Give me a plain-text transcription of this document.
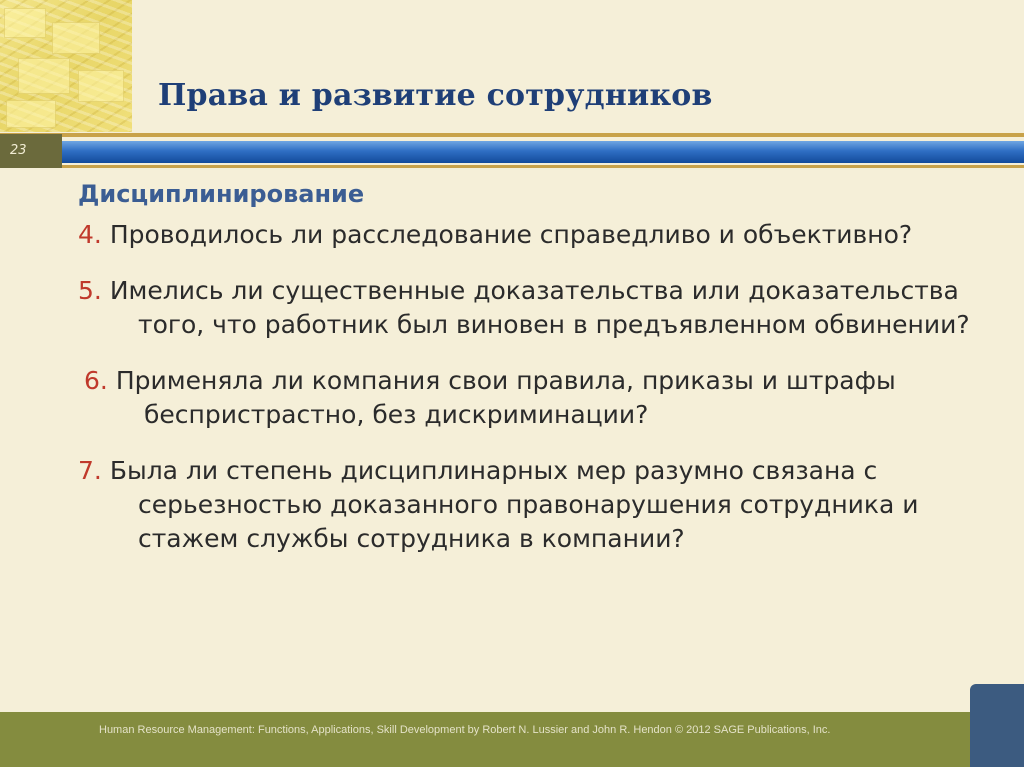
Права и развитие сотрудников
23
Дисциплинирование
4. Проводилось ли расследование справедливо и объективно?
5. Имелись ли существенные доказательства или доказательства того, что работник был виновен в предъявленном обвинении?
6. Применяла ли компания свои правила, приказы и штрафы беспристрастно, без дискриминации?
7. Была ли степень дисциплинарных мер разумно связана с серьезностью доказанного правонарушения сотрудника и стажем службы сотрудника в компании?
Human Resource Management: Functions, Applications, Skill Development by Robert N. Lussier and John R. Hendon © 2012 SAGE Publications, Inc.
